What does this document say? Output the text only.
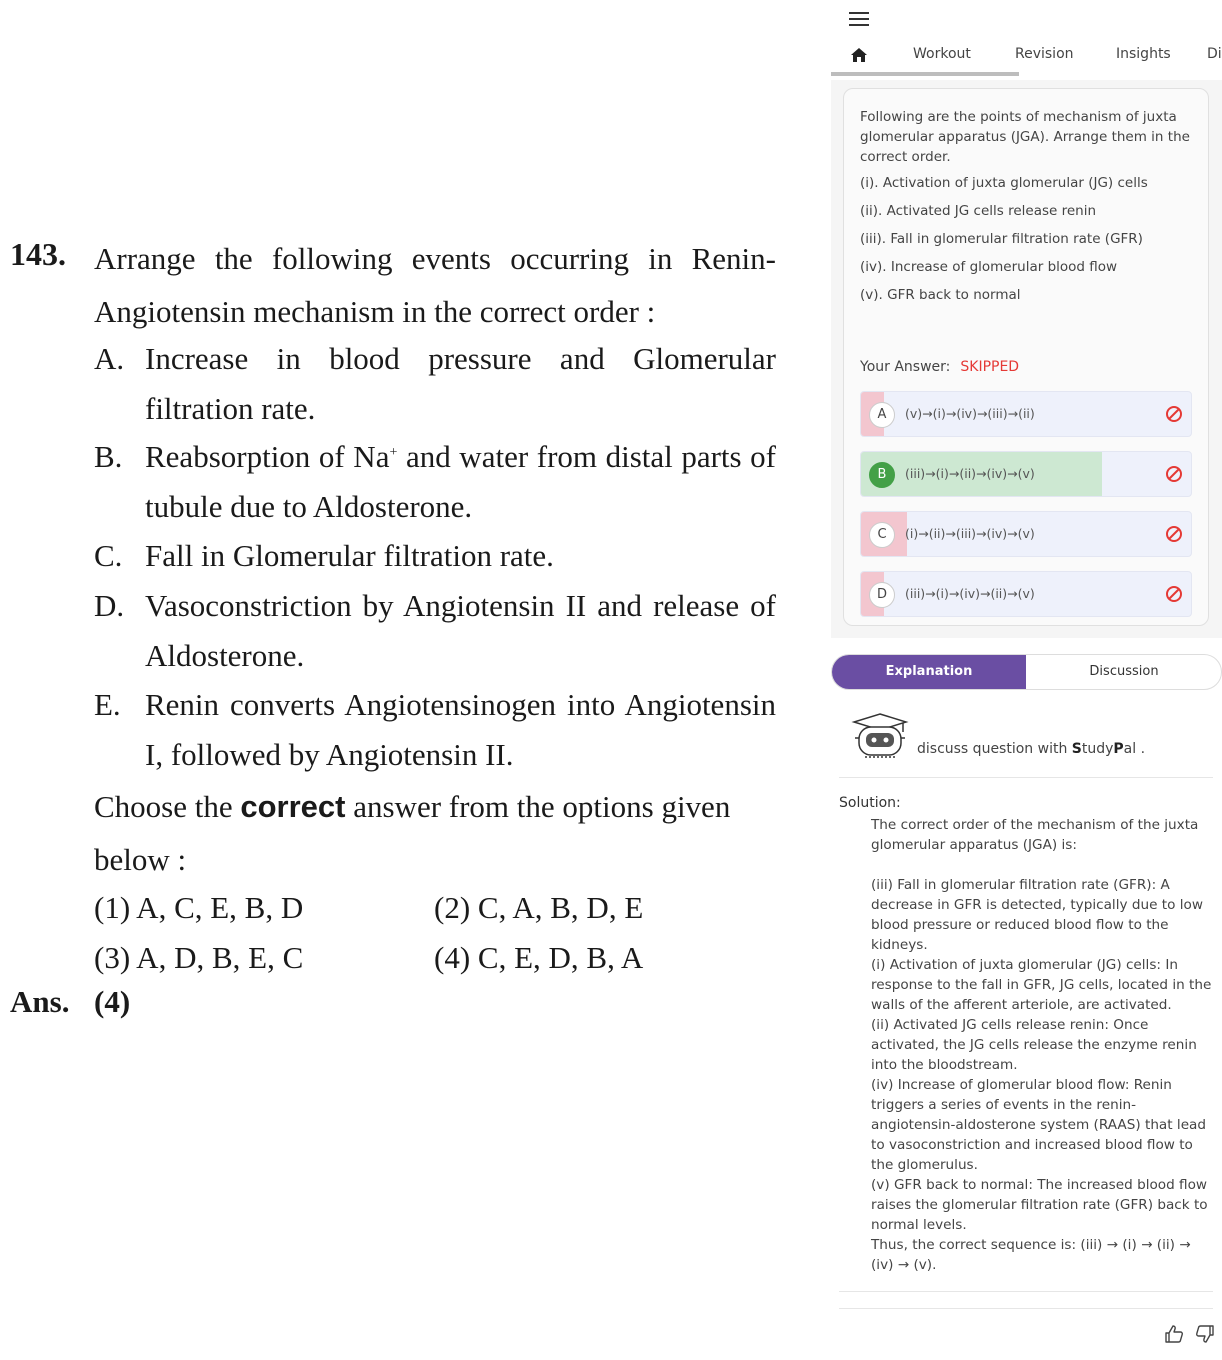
143. Arrange the following events occurring in Renin-Angiotensin mechanism in the correct order :
A. Increase in blood pressure and Glomerular filtration rate.
B. Reabsorption of Na+ and water from distal parts of tubule due to Aldosterone.
C. Fall in Glomerular filtration rate.
D. Vasoconstriction by Angiotensin II and release of Aldosterone.
E. Renin converts Angiotensinogen into Angiotensin I, followed by Angiotensin II.
Choose the correct answer from the options given below :
(1) A, C, E, B, D	(2) C, A, B, D, E
(3) A, D, B, E, C	(4) C, E, D, B, A
Ans. (4)
Workout	Revision	Insights	Di
Following are the points of mechanism of juxta glomerular apparatus (JGA). Arrange them in the correct order.
(i). Activation of juxta glomerular (JG) cells
(ii). Activated JG cells release renin
(iii). Fall in glomerular filtration rate (GFR)
(iv). Increase of glomerular blood flow
(v). GFR back to normal
Your Answer: SKIPPED
A	(v)→(i)→(iv)→(iii)→(ii)
B	(iii)→(i)→(ii)→(iv)→(v)
C	(i)→(ii)→(iii)→(iv)→(v)
D	(iii)→(i)→(iv)→(ii)→(v)
Explanation	Discussion
discuss question with StudyPal .
Solution:

The correct order of the mechanism of the juxta glomerular apparatus (JGA) is:

(iii) Fall in glomerular filtration rate (GFR): A decrease in GFR is detected, typically due to low blood pressure or reduced blood flow to the kidneys.

(i) Activation of juxta glomerular (JG) cells: In response to the fall in GFR, JG cells, located in the walls of the afferent arteriole, are activated.

(ii) Activated JG cells release renin: Once activated, the JG cells release the enzyme renin into the bloodstream.

(iv) Increase of glomerular blood flow: Renin triggers a series of events in the renin-angiotensin-aldosterone system (RAAS) that lead to vasoconstriction and increased blood flow to the glomerulus.

(v) GFR back to normal: The increased blood flow raises the glomerular filtration rate (GFR) back to normal levels.

Thus, the correct sequence is: (iii) → (i) → (ii) → (iv) → (v).
